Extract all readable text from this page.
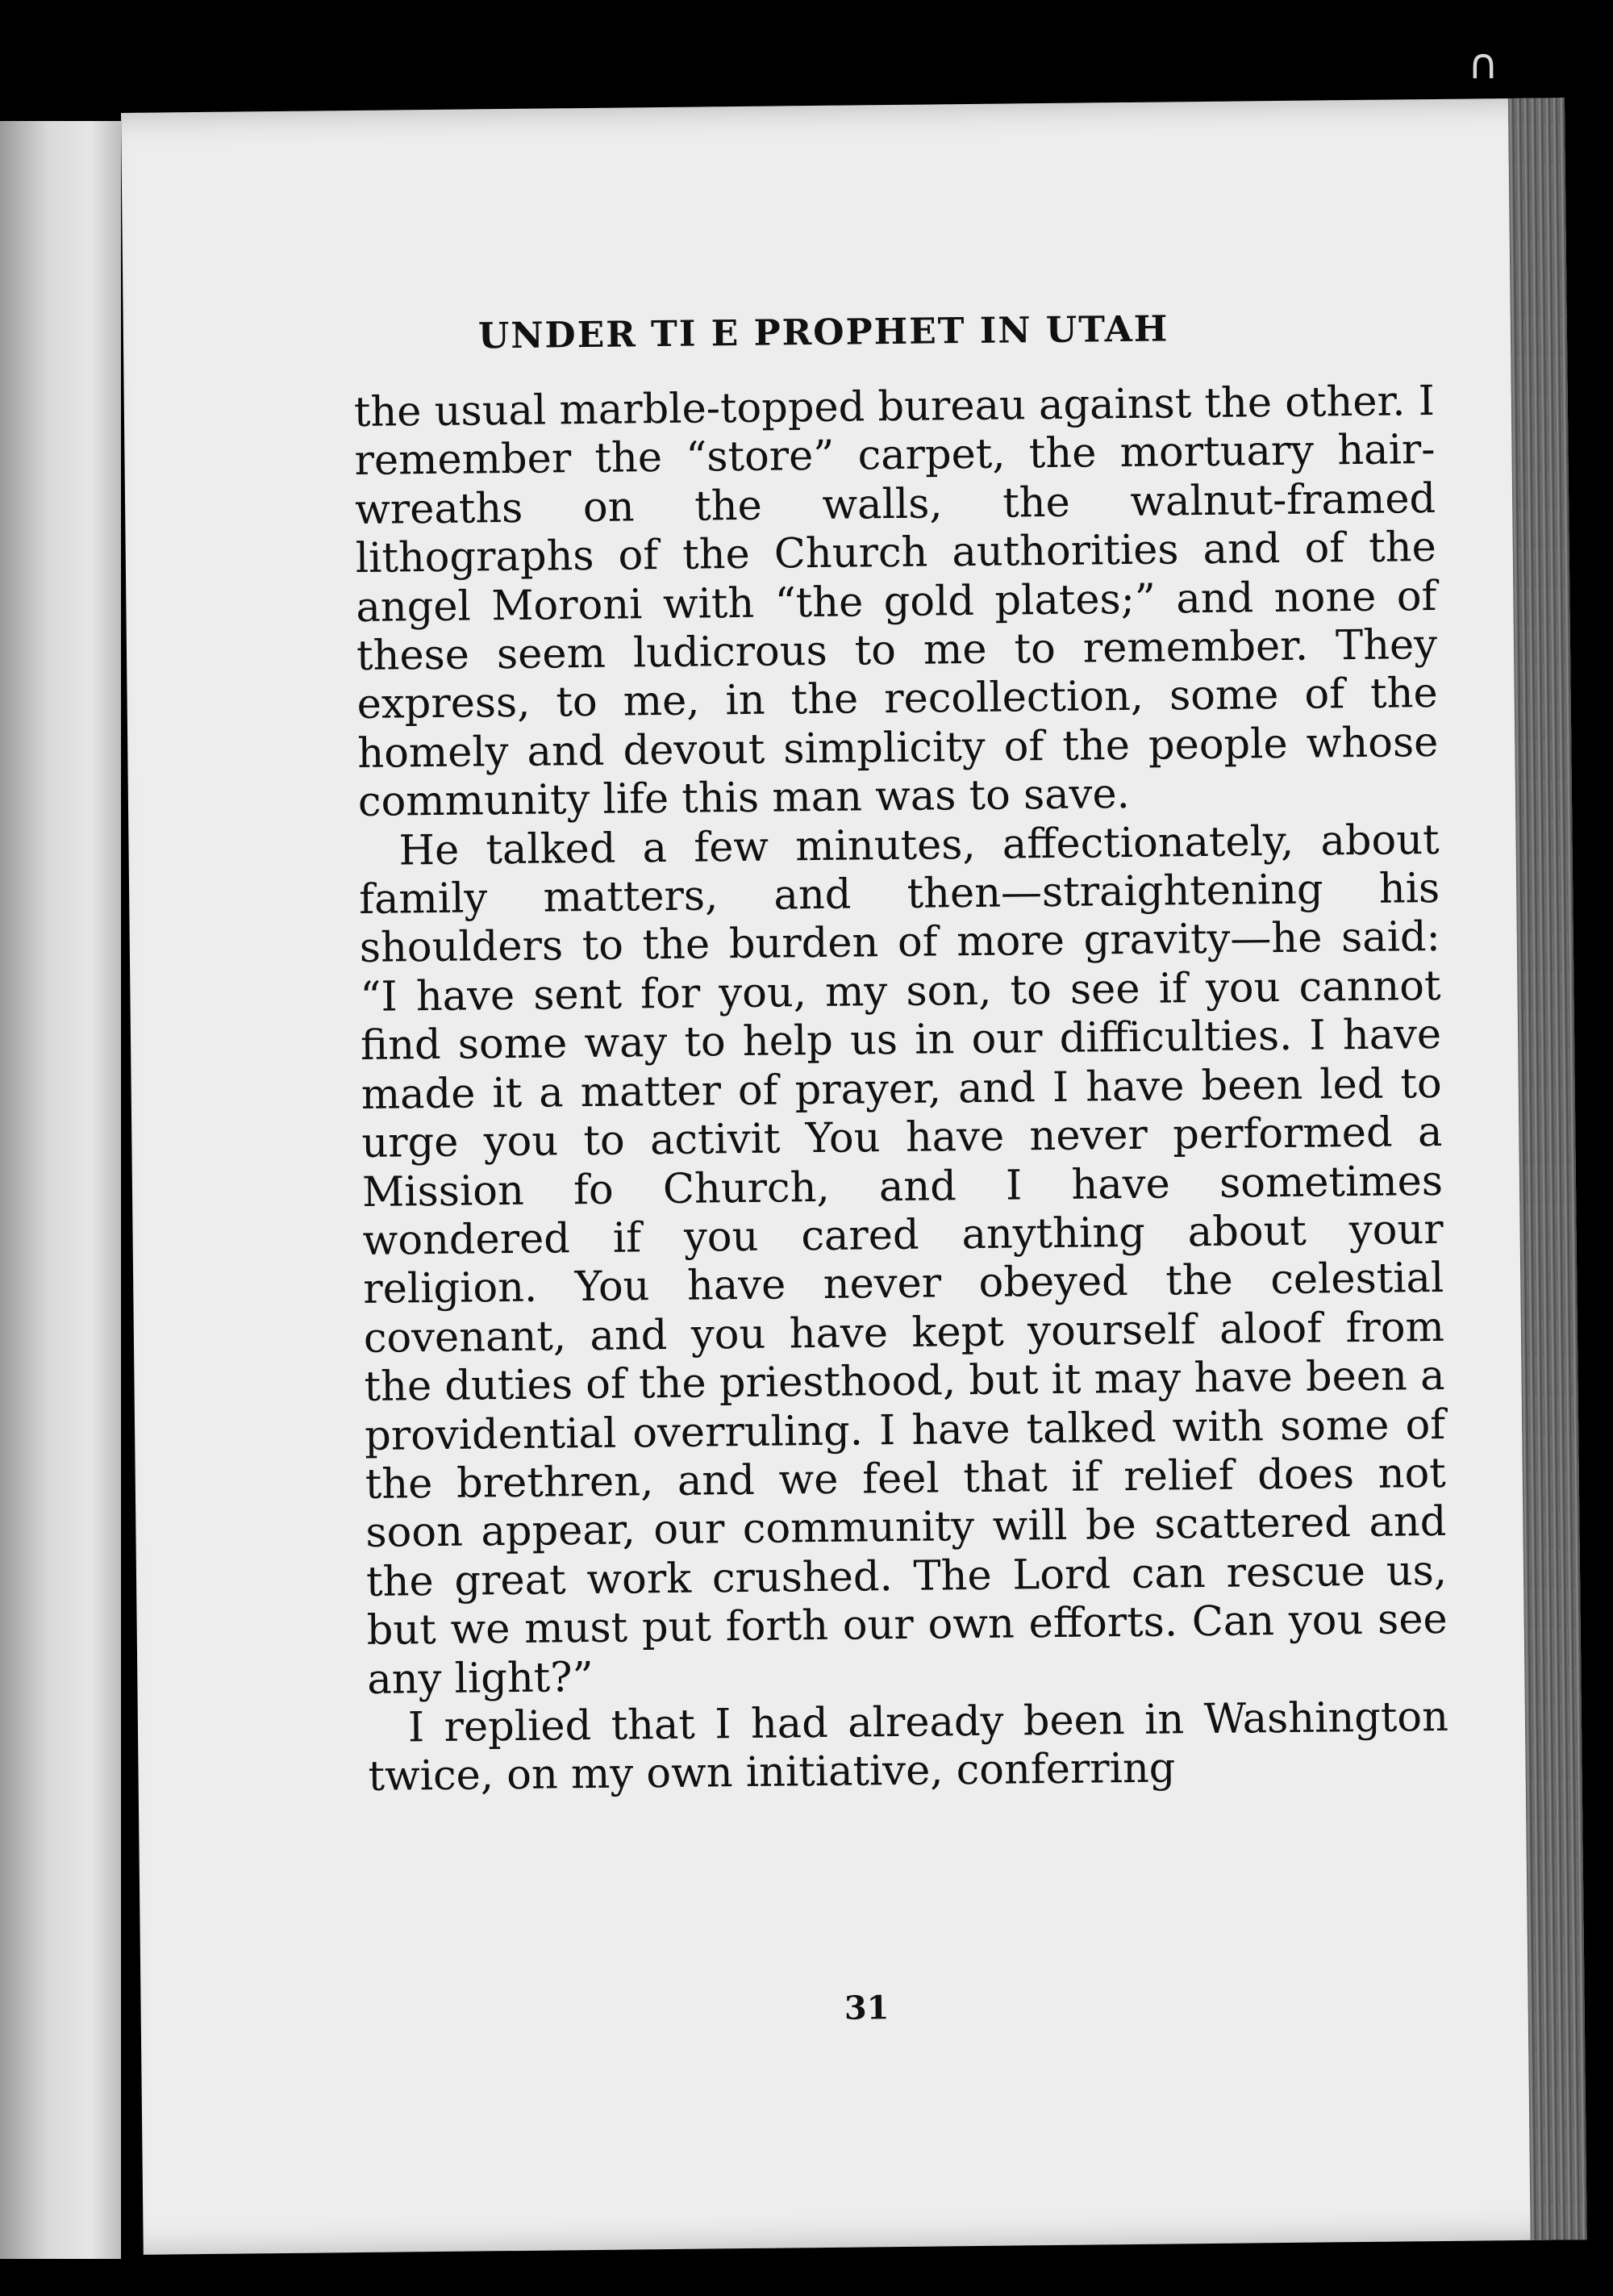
UNDER TI E PROPHET IN UTAH

the usual marble-topped bureau against the other. I remember the “store” carpet, the mortuary hair-wreaths on the walls, the walnut-framed lithographs of the Church authorities and of the angel Moroni with “the gold plates;” and none of these seem ludicrous to me to remember. They express, to me, in the recollection, some of the homely and devout simplicity of the people whose community life this man was to save.

He talked a few minutes, affectionately, about family matters, and then—straightening his shoulders to the burden of more gravity—he said: “I have sent for you, my son, to see if you cannot find some way to help us in our difficulties. I have made it a matter of prayer, and I have been led to urge you to activit You have never performed a Mission fo Church, and I have sometimes wondered if you cared anything about your religion. You have never obeyed the celestial covenant, and you have kept yourself aloof from the duties of the priesthood, but it may have been a providential overruling. I have talked with some of the brethren, and we feel that if relief does not soon appear, our community will be scattered and the great work crushed. The Lord can rescue us, but we must put forth our own efforts. Can you see any light?”

I replied that I had already been in Washington twice, on my own initiative, conferring

31
∩
